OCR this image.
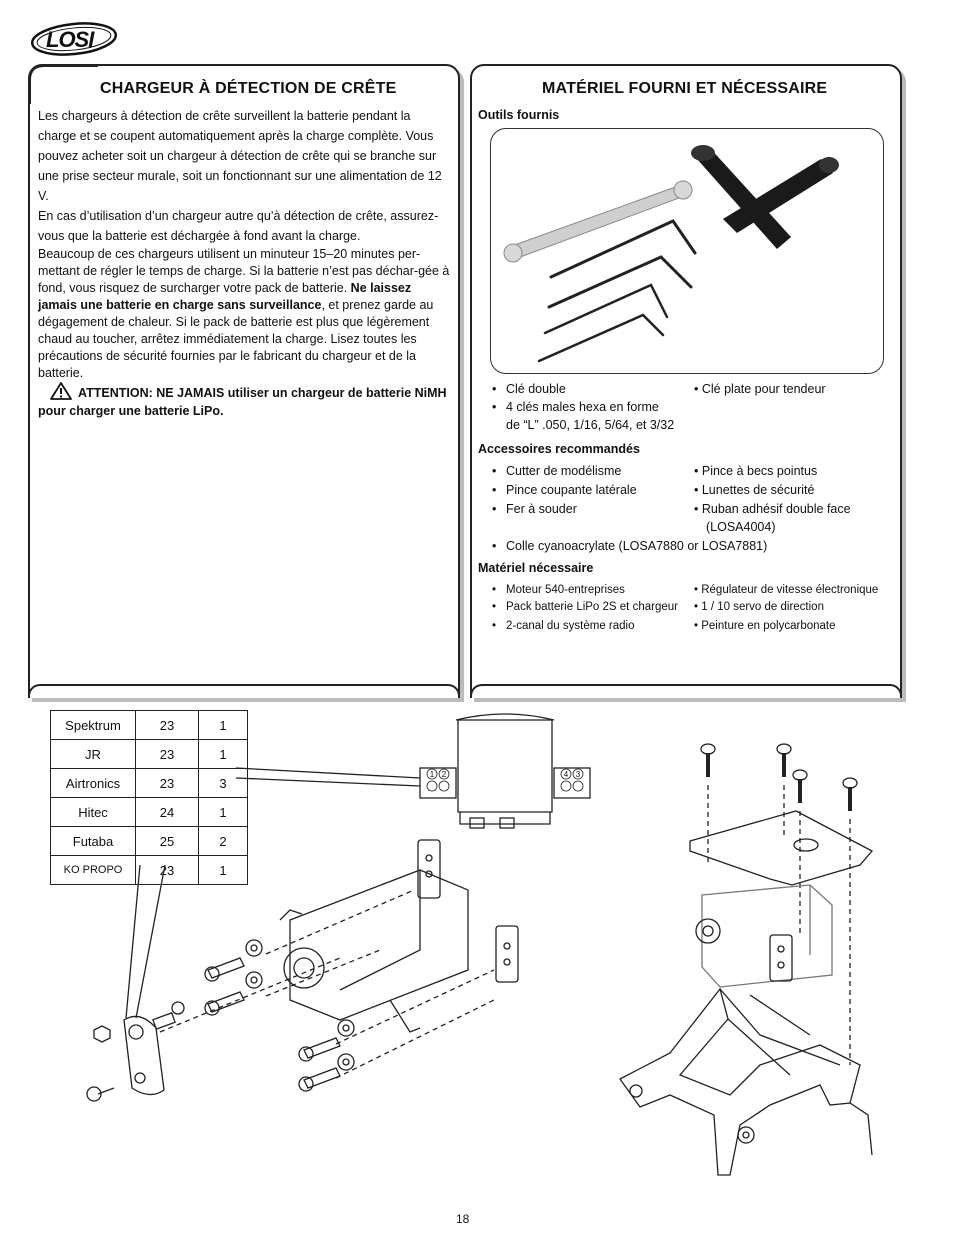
LOSI
CHARGEUR À DÉTECTION DE CRÊTE

Les chargeurs à détection de crête surveillent la batterie pendant la charge et se coupent automatiquement après la charge complète. Vous pouvez acheter soit un chargeur à détection de crête qui se branche sur une prise secteur murale, soit un fonctionnant sur une alimentation de 12 V.

En cas d’utilisation d’un chargeur autre qu’à détection de crête, assurez-vous que la batterie est déchargée à fond avant la charge.

Beaucoup de ces chargeurs utilisent un minuteur 15–20 minutes per-mettant de régler le temps de charge. Si la batterie n’est pas déchar-gée à fond, vous risquez de surcharger votre pack de batterie. Ne laissez jamais une batterie en charge sans surveillance, et prenez garde au dégagement de chaleur. Si le pack de batterie est plus que légèrement chaud au toucher, arrêtez immédiatement la charge. Lisez toutes les précautions de sécurité fournies par le fabricant du chargeur et de la batterie.

ATTENTION: NE JAMAIS utiliser un chargeur de batterie NiMH pour charger une batterie LiPo.

MATÉRIEL FOURNI ET NÉCESSAIRE
Outils fournis
• Clé double	• Clé plate pour tendeur
• 4 clés males hexa en forme
de “L” .050, 1/16, 5/64, et 3/32
Accessoires recommandés
• Cutter de modélisme	• Pince à becs pointus
• Pince coupante latérale	• Lunettes de sécurité
• Fer à souder	• Ruban adhésif double face
(LOSA4004)
• Colle cyanoacrylate (LOSA7880 or LOSA7881)
Matériel nécessaire
• Moteur 540-entreprises	• Régulateur de vitesse électronique
• Pack batterie LiPo 2S et chargeur • 1 / 10 servo de direction
• 2-canal du système radio	• Peinture en polycarbonate
Spektrum	23	1
JR	23	1
Airtronics	23	3
Hitec	24	1
Futaba	25	2
KO PROPO	23	1
1 2	4 3
18
